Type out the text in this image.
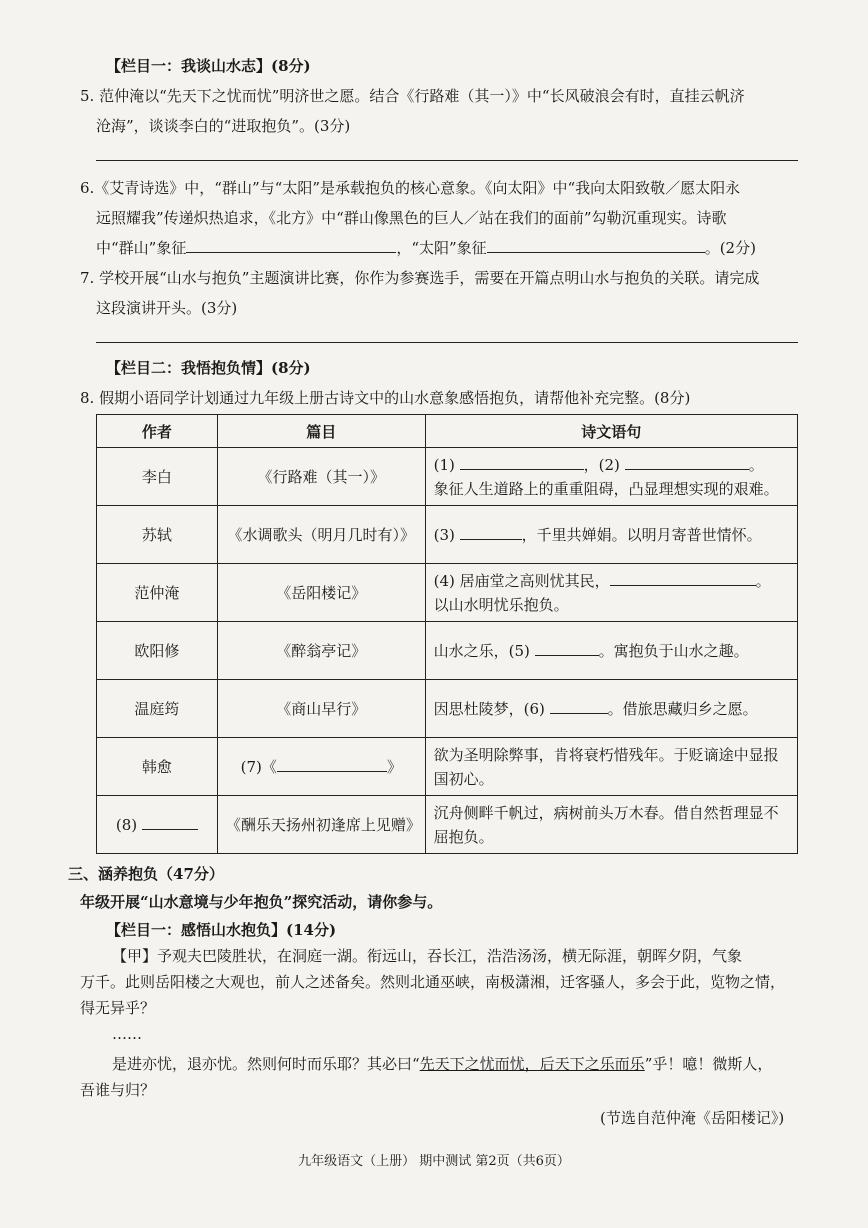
【栏目一：我谈山水志】(8分)
5. 范仲淹以“先天下之忧而忧”明济世之愿。结合《行路难（其一）》中“长风破浪会有时，直挂云帆济
沧海”，谈谈李白的“进取抱负”。(3分)
6.《艾青诗选》中，“群山”与“太阳”是承载抱负的核心意象。《向太阳》中“我向太阳致敬／愿太阳永
远照耀我”传递炽热追求，《北方》中“群山像黑色的巨人／站在我们的面前”勾勒沉重现实。诗歌
中“群山”象征	，“太阳”象征	。(2分)
7. 学校开展“山水与抱负”主题演讲比赛，你作为参赛选手，需要在开篇点明山水与抱负的关联。请完成
这段演讲开头。(3分)
【栏目二：我悟抱负情】(8分)
8. 假期小语同学计划通过九年级上册古诗文中的山水意象感悟抱负，请帮他补充完整。(8分)
作者	篇目	诗文语句
李白	《行路难（其一）》	(1) ，(2) 。
象征人生道路上的重重阻碍，凸显理想实现的艰难。
苏轼	《水调歌头（明月几时有）》	(3) ，千里共婵娟。以明月寄普世情怀。
范仲淹	《岳阳楼记》	(4) 居庙堂之高则忧其民， 。
以山水明忧乐抱负。
欧阳修	《醉翁亭记》	山水之乐，(5) 。寓抱负于山水之趣。
温庭筠	《商山早行》	因思杜陵梦，(6) 。借旅思藏归乡之愿。
韩愈	(7)《 》	欲为圣明除弊事，肯将衰朽惜残年。于贬谪途中显报
国初心。
(8)	《酬乐天扬州初逢席上见赠》	沉舟侧畔千帆过，病树前头万木春。借自然哲理显不
屈抱负。
三、涵养抱负（47分）
年级开展“山水意境与少年抱负”探究活动，请你参与。
【栏目一：感悟山水抱负】(14分)
【甲】予观夫巴陵胜状，在洞庭一湖。衔远山，吞长江，浩浩汤汤，横无际涯，朝晖夕阴，气象
万千。此则岳阳楼之大观也，前人之述备矣。然则北通巫峡，南极潇湘，迁客骚人，多会于此，览物之情，
得无异乎？
……
是进亦忧，退亦忧。然则何时而乐耶？其必曰“先天下之忧而忧，后天下之乐而乐”乎！噫！微斯人，
吾谁与归？
(节选自范仲淹《岳阳楼记》)
九年级语文（上册） 期中测试 第2页（共6页）
